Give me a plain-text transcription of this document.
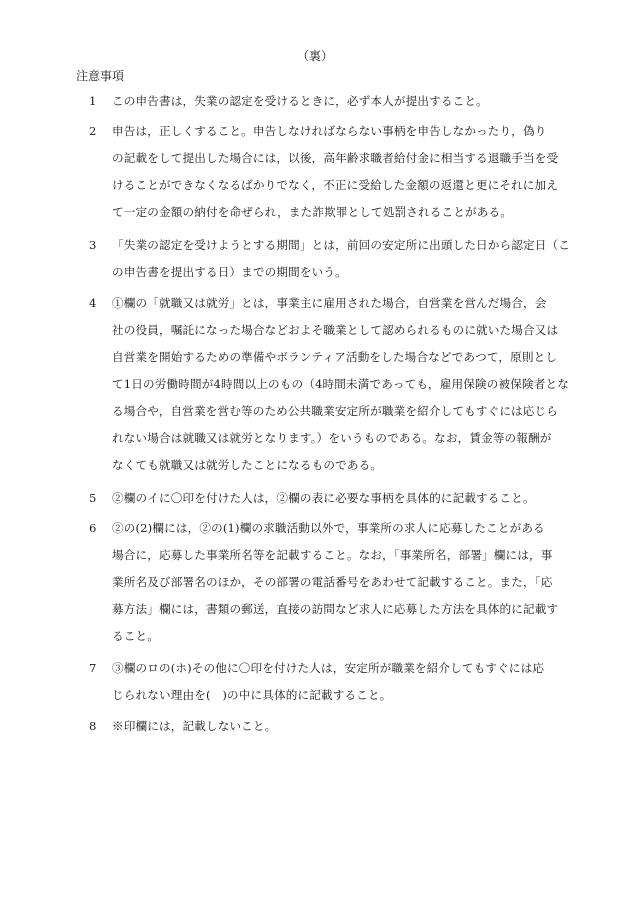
（裏）
注意事項
1 この申告書は，失業の認定を受けるときに，必ず本人が提出すること。
2 申告は，正しくすること。申告しなければならない事柄を申告しなかったり，偽り
の記載をして提出した場合には，以後，高年齢求職者給付金に相当する退職手当を受
けることができなくなるばかりでなく，不正に受給した金額の返還と更にそれに加え
て一定の金額の納付を命ぜられ，また詐欺罪として処罰されることがある。
3 「失業の認定を受けようとする期間」とは，前回の安定所に出頭した日から認定日（こ
の申告書を提出する日）までの期間をいう。
4 ①欄の「就職又は就労」とは，事業主に雇用された場合，自営業を営んだ場合，会
社の役員，嘱託になった場合などおよそ職業として認められるものに就いた場合又は
自営業を開始するための準備やボランティア活動をした場合などであつて，原則とし
て1日の労働時間が4時間以上のもの（4時間未満であっても，雇用保険の被保険者とな
る場合や，自営業を営む等のため公共職業安定所が職業を紹介してもすぐには応じら
れない場合は就職又は就労となります。）をいうものである。なお，賃金等の報酬が
なくても就職又は就労したことになるものである。
5 ②欄のイに〇印を付けた人は，②欄の表に必要な事柄を具体的に記載すること。
6 ②の(2)欄には，②の(1)欄の求職活動以外で，事業所の求人に応募したことがある
場合に，応募した事業所名等を記載すること。なお，「事業所名，部署」欄には，事
業所名及び部署名のほか，その部署の電話番号をあわせて記載すること。また，「応
募方法」欄には，書類の郵送，直接の訪問など求人に応募した方法を具体的に記載す
ること。
7 ③欄のロの(ホ)その他に〇印を付けた人は，安定所が職業を紹介してもすぐには応
じられない理由を(　)の中に具体的に記載すること。
8 ※印欄には，記載しないこと。
